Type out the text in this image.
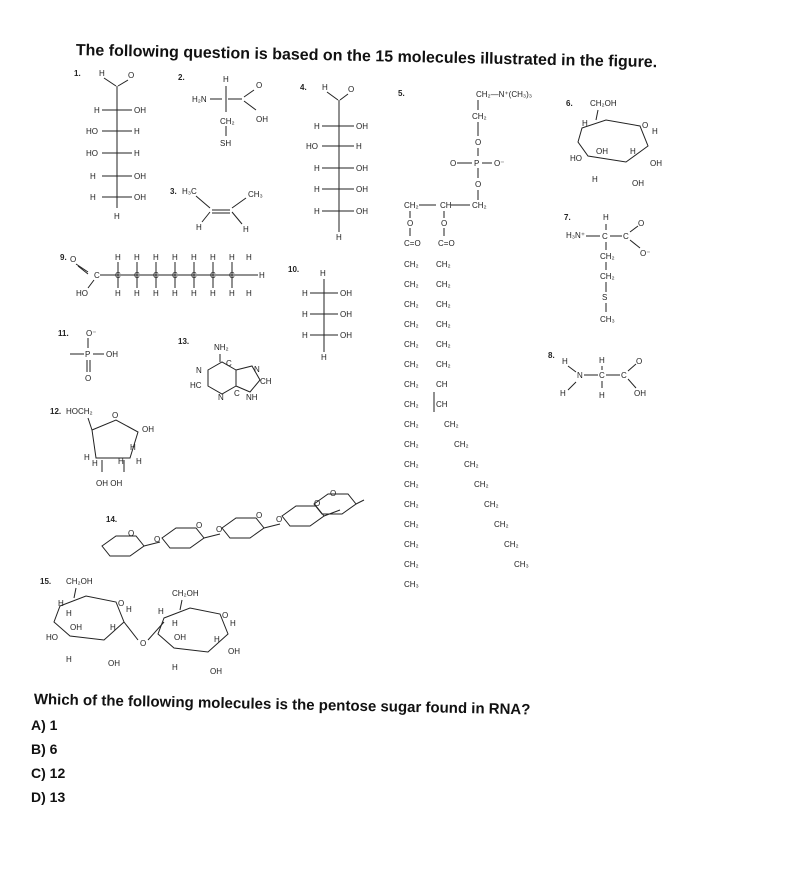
The following question is based on the 15 molecules illustrated in the figure.
1. H	O
H	OH
HO	H
HO	H
H	OH
H	OH
H
2.	H
H₂N
O
OH
CH₂
SH
3. H₃C	CH₃
H	H
4. H	O
H	OH
HO	H
H	OH
H	OH
H	OH
H
5.	CH₂—N⁺(CH₃)₃
CH₂
O
O P O⁻
O
CH₂	CH	CH₂
O	O
C=O C=O
CH₂
CH₂
CH₂
CH₂
CH₂
CH₂
CH₂
CH₂
CH₂
CH₂
CH₂
CH₂
CH₂
CH₂
CH₂
CH₂
CH₃
CH₂
CH₂
CH₂
CH₂
CH₂
CH₂
CH
CH
CH₂
CH₂
CH₂
CH₂
CH₂
CH₂
CH₂
CH₃
6. CH₂OH
O
H
H
OH
HO
H
OH
H	OH
7.	H
H₃N⁺ C C
O
O⁻
CH₂
CH₂
S
CH₃
8.
H
N
H
C
H
H
C
O
OH
9. O
HO
C C C C C C C C
H H H H H H H H
H H H H H H H H
H
10.	H
H	OH
H	OH
H	OH
H
11. O⁻
P OH
O
12. HOCH₂ O
OH
H
H
H	H H
OH OH
13.
NH₂
N
C
N
CH
HC
N C NH
14.
O
O
O O
O O
O
O
15. CH₂OH
O
H
H
H
OH
HO
H
H	OH
O
CH₂OH
O
H
H
H
OH	H
OH
H	OH
Which of the following molecules is the pentose sugar found in RNA?
A) 1
B) 6
C) 12
D) 13
